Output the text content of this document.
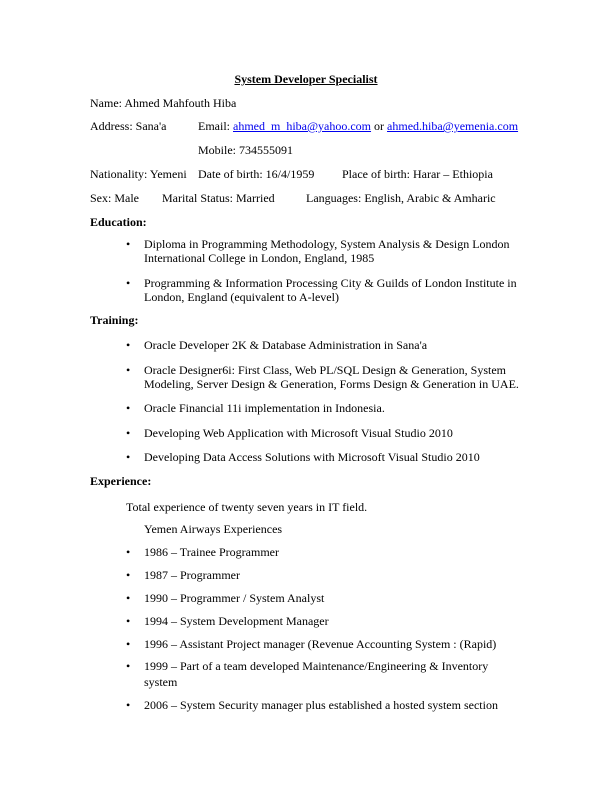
System Developer Specialist
Name: Ahmed Mahfouth Hiba
Address: Sana'a	Email: ahmed_m_hiba@yahoo.com or ahmed.hiba@yemenia.com
Mobile: 734555091
Nationality: Yemeni Date of birth: 16/4/1959 Place of birth: Harar – Ethiopia
Sex: Male Marital Status: Married	Languages: English, Arabic & Amharic
Education:
• Diploma in Programming Methodology, System Analysis & Design London
International College in London, England, 1985
• Programming & Information Processing City & Guilds of London Institute in
London, England (equivalent to A-level)
Training:
• Oracle Developer 2K & Database Administration in Sana'a
• Oracle Designer6i: First Class, Web PL/SQL Design & Generation, System
Modeling, Server Design & Generation, Forms Design & Generation in UAE.
• Oracle Financial 11i implementation in Indonesia.
• Developing Web Application with Microsoft Visual Studio 2010
• Developing Data Access Solutions with Microsoft Visual Studio 2010
Experience:
Total experience of twenty seven years in IT field.
Yemen Airways Experiences
• 1986 – Trainee Programmer
• 1987 – Programmer
• 1990 – Programmer / System Analyst
• 1994 – System Development Manager
• 1996 – Assistant Project manager (Revenue Accounting System : (Rapid)
• 1999 – Part of a team developed Maintenance/Engineering & Inventory
system
• 2006 – System Security manager plus established a hosted system section
